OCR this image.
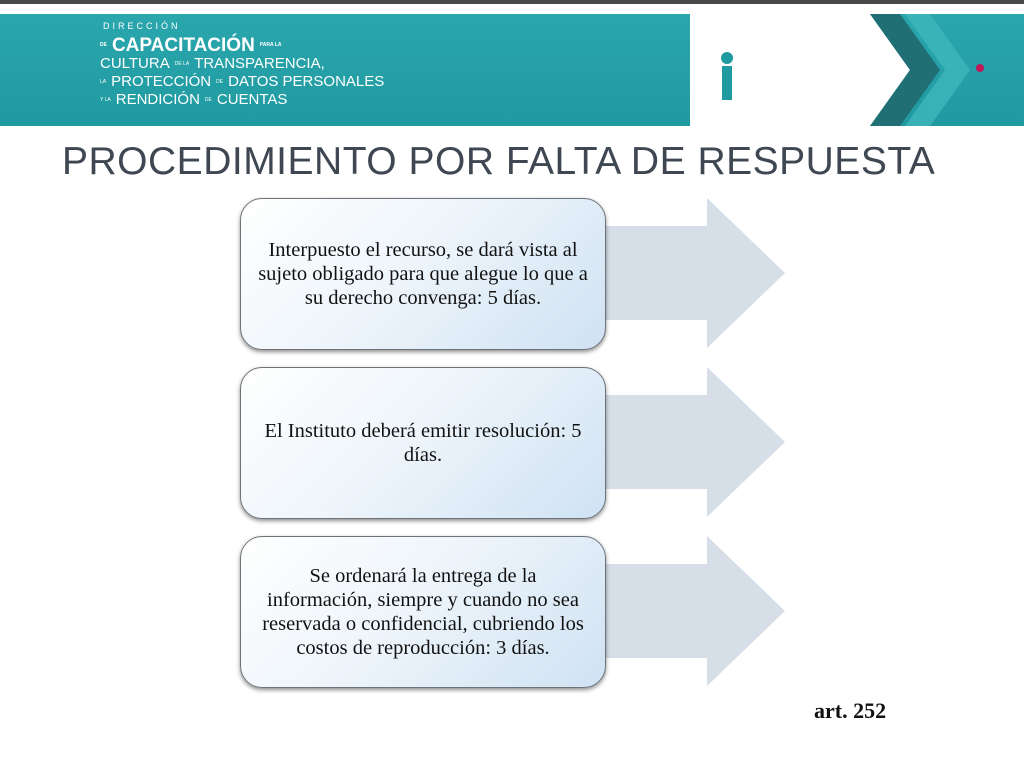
DIRECCIÓN
DE CAPACITACIÓN PARA LA
CULTURA DE LA TRANSPARENCIA,
LA PROTECCIÓN DE DATOS PERSONALES
Y LA RENDICIÓN DE CUENTAS
info
PROCEDIMIENTO POR FALTA DE RESPUESTA
Interpuesto el recurso, se dará vista al sujeto obligado para que alegue lo que a su derecho convenga: 5 días.
El Instituto deberá emitir resolución: 5 días.
Se ordenará la entrega de la información, siempre y cuando no sea reservada o confidencial, cubriendo los costos de reproducción: 3 días.
art. 252
